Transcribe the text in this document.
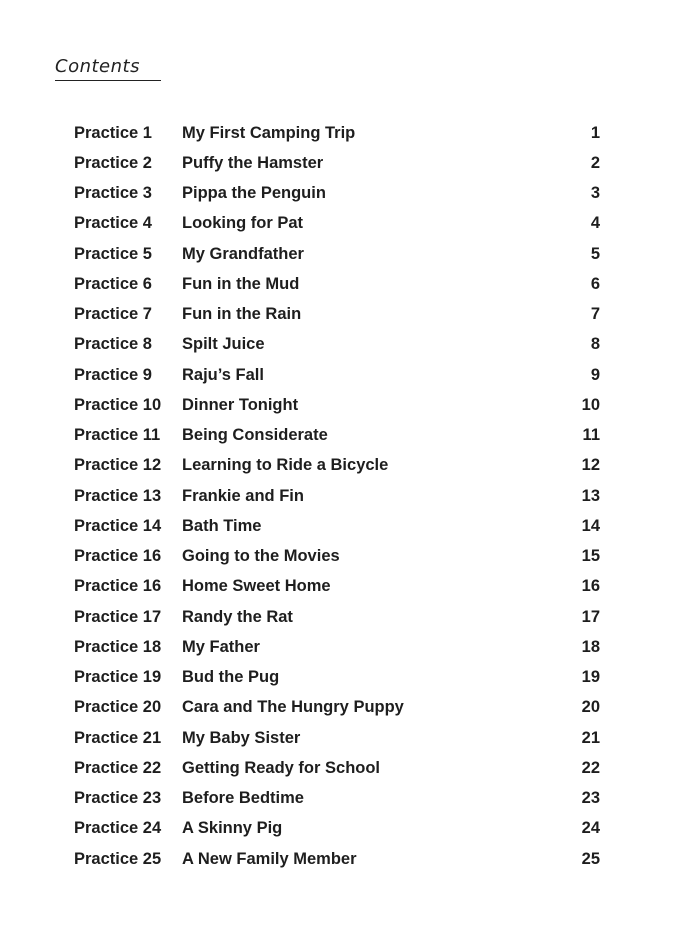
Contents
Practice 1	My First Camping Trip	1
Practice 2	Puffy the Hamster	2
Practice 3	Pippa the Penguin	3
Practice 4	Looking for Pat	4
Practice 5	My Grandfather	5
Practice 6	Fun in the Mud	6
Practice 7	Fun in the Rain	7
Practice 8	Spilt Juice	8
Practice 9	Raju’s Fall	9
Practice 10	Dinner Tonight	10
Practice 11	Being Considerate	11
Practice 12	Learning to Ride a Bicycle	12
Practice 13	Frankie and Fin	13
Practice 14	Bath Time	14
Practice 16	Going to the Movies	15
Practice 16	Home Sweet Home	16
Practice 17	Randy the Rat	17
Practice 18	My Father	18
Practice 19	Bud the Pug	19
Practice 20	Cara and The Hungry Puppy	20
Practice 21	My Baby Sister	21
Practice 22	Getting Ready for School	22
Practice 23	Before Bedtime	23
Practice 24	A Skinny Pig	24
Practice 25	A New Family Member	25
